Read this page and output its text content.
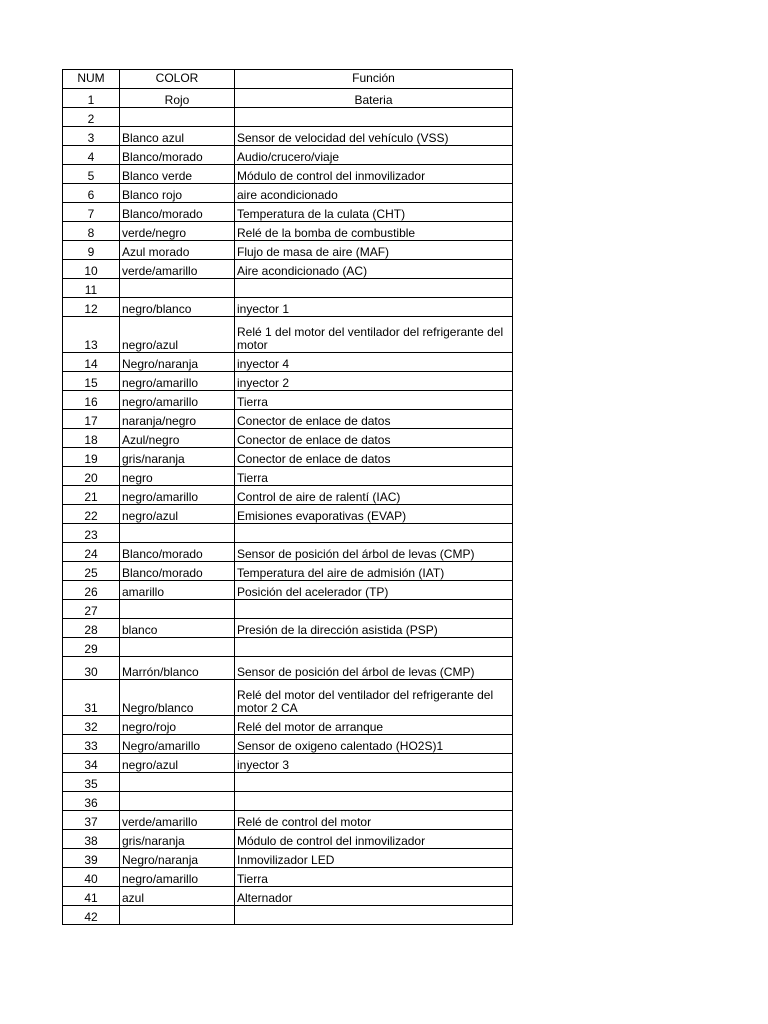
NUM	COLOR	Función
1	Rojo	Bateria
2		
3	Blanco azul	Sensor de velocidad del vehículo (VSS)
4	Blanco/morado	Audio/crucero/viaje
5	Blanco verde	Módulo de control del inmovilizador
6	Blanco rojo	aire acondicionado
7	Blanco/morado	Temperatura de la culata (CHT)
8	verde/negro	Relé de la bomba de combustible
9	Azul morado	Flujo de masa de aire (MAF)
10	verde/amarillo	Aire acondicionado (AC)
11		
12	negro/blanco	inyector 1
13	negro/azul	Relé 1 del motor del ventilador del refrigerante del motor
14	Negro/naranja	inyector 4
15	negro/amarillo	inyector 2
16	negro/amarillo	Tierra
17	naranja/negro	Conector de enlace de datos
18	Azul/negro	Conector de enlace de datos
19	gris/naranja	Conector de enlace de datos
20	negro	Tierra
21	negro/amarillo	Control de aire de ralentí (IAC)
22	negro/azul	Emisiones evaporativas (EVAP)
23		
24	Blanco/morado	Sensor de posición del árbol de levas (CMP)
25	Blanco/morado	Temperatura del aire de admisión (IAT)
26	amarillo	Posición del acelerador (TP)
27		
28	blanco	Presión de la dirección asistida (PSP)
29		
30	Marrón/blanco	Sensor de posición del árbol de levas (CMP)
31	Negro/blanco	Relé del motor del ventilador del refrigerante del motor 2 CA
32	negro/rojo	Relé del motor de arranque
33	Negro/amarillo	Sensor de oxigeno calentado (HO2S)1
34	negro/azul	inyector 3
35		
36		
37	verde/amarillo	Relé de control del motor
38	gris/naranja	Módulo de control del inmovilizador
39	Negro/naranja	Inmovilizador LED
40	negro/amarillo	Tierra
41	azul	Alternador
42		
